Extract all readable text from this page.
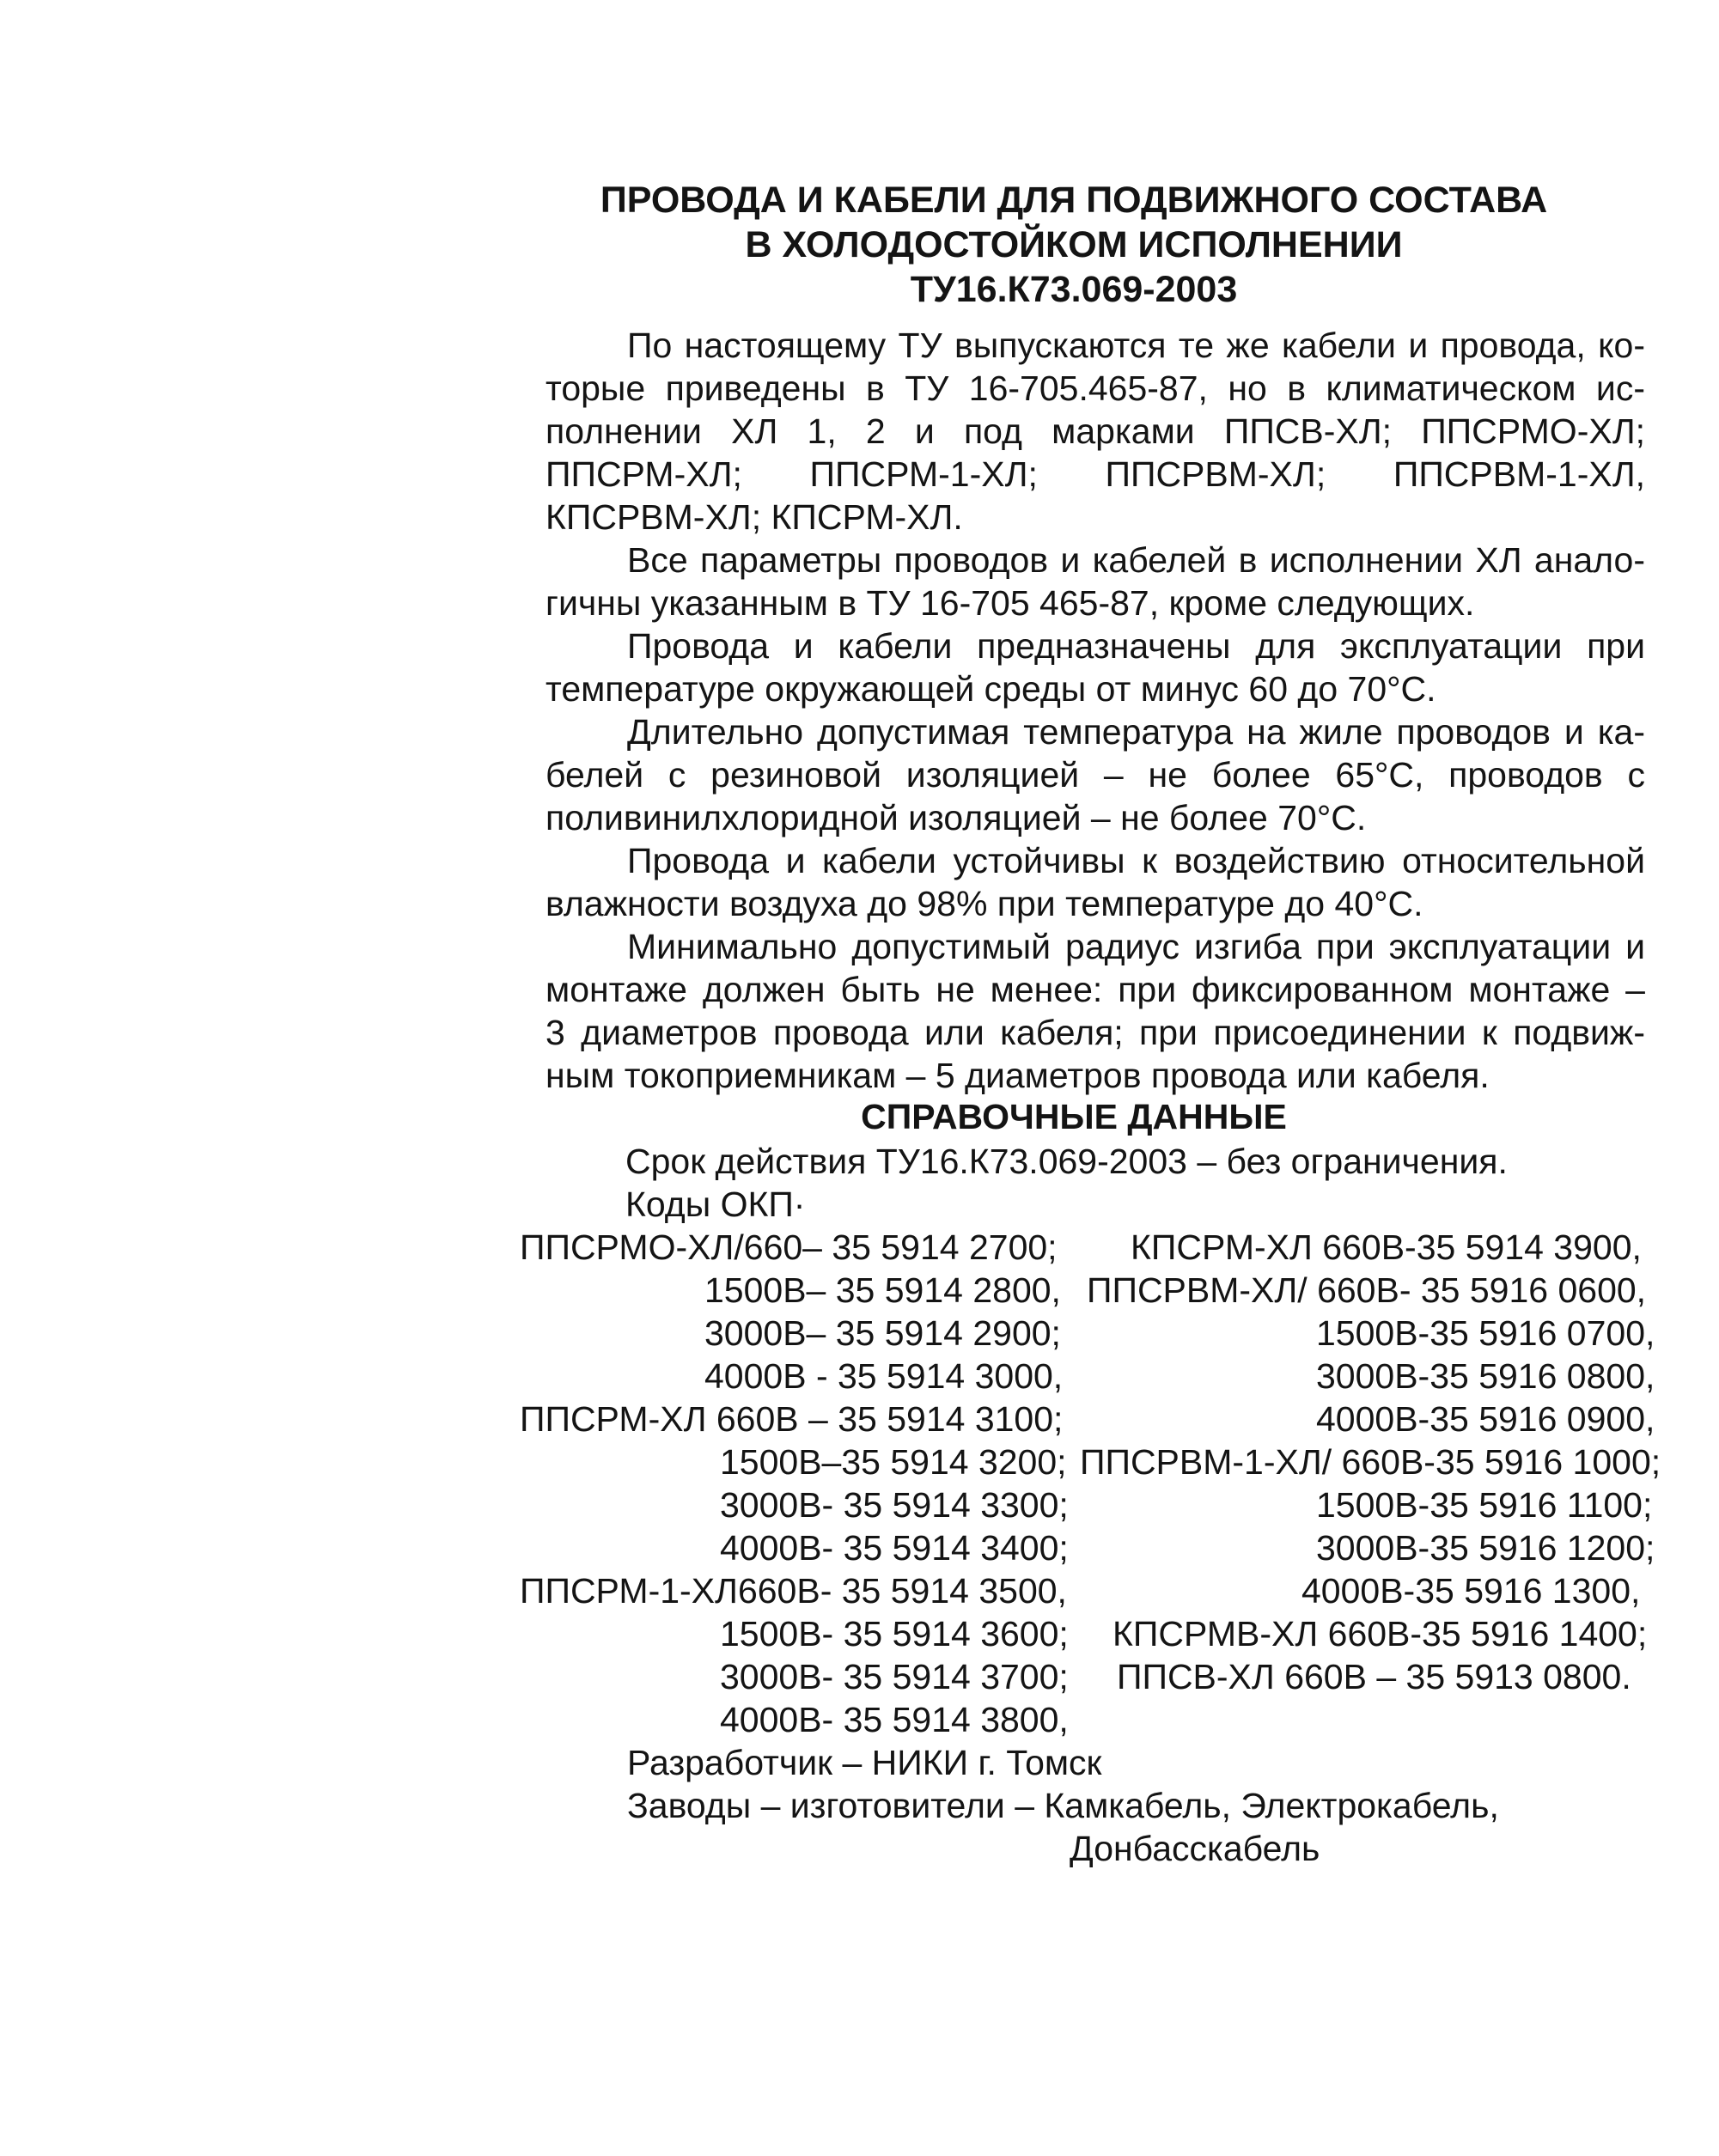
ПРОВОДА И КАБЕЛИ ДЛЯ ПОДВИЖНОГО СОСТАВА
В ХОЛОДОСТОЙКОМ ИСПОЛНЕНИИ
ТУ16.К73.069-2003
По настоящему ТУ выпускаются те же кабели и провода, ко-
торые приведены в ТУ 16-705.465-87, но в климатическом ис-
полнении ХЛ 1, 2 и под марками ППСВ-ХЛ; ППСРМО-ХЛ;
ППСРМ-ХЛ; ППСРМ-1-ХЛ; ППСРВМ-ХЛ; ППСРВМ-1-ХЛ,
КПСРВМ-ХЛ; КПСРМ-ХЛ.
Все параметры проводов и кабелей в исполнении ХЛ анало-
гичны указанным в ТУ 16-705 465-87, кроме следующих.
Провода и кабели предназначены для эксплуатации при
температуре окружающей среды от минус 60 до 70°С.
Длительно допустимая температура на жиле проводов и ка-
белей с резиновой изоляцией – не более 65°С, проводов с
поливинилхлоридной изоляцией – не более 70°С.
Провода и кабели устойчивы к воздействию относительной
влажности воздуха до 98% при температуре до 40°С.
Минимально допустимый радиус изгиба при эксплуатации и
монтаже должен быть не менее: при фиксированном монтаже –
3 диаметров провода или кабеля; при присоединении к подвиж-
ным токоприемникам – 5 диаметров провода или кабеля.
СПРАВОЧНЫЕ ДАННЫЕ
Срок действия ТУ16.К73.069-2003 – без ограничения.
Коды ОКП·
ППСРМО-ХЛ/660– 35 5914 2700;
1500В– 35 5914 2800,
3000В– 35 5914 2900;
4000В - 35 5914 3000,
ППСРМ-ХЛ 660В – 35 5914 3100;
1500В–35 5914 3200;
3000В- 35 5914 3300;
4000В- 35 5914 3400;
ППСРМ-1-ХЛ660В- 35 5914 3500,
1500В- 35 5914 3600;
3000В- 35 5914 3700;
4000В- 35 5914 3800,
КПСРМ-ХЛ 660В-35 5914 3900,
ППСРВМ-ХЛ/ 660В- 35 5916 0600,
1500В-35 5916 0700,
3000В-35 5916 0800,
4000В-35 5916 0900,
ППСРВМ-1-ХЛ/ 660В-35 5916 1000;
1500В-35 5916 1100;
3000В-35 5916 1200;
4000В-35 5916 1300,
КПСРМВ-ХЛ 660В-35 5916 1400;
ППСВ-ХЛ 660В – 35 5913 0800.
Разработчик – НИКИ г. Томск
Заводы – изготовители – Камкабель, Электрокабель,
Донбасскабель
